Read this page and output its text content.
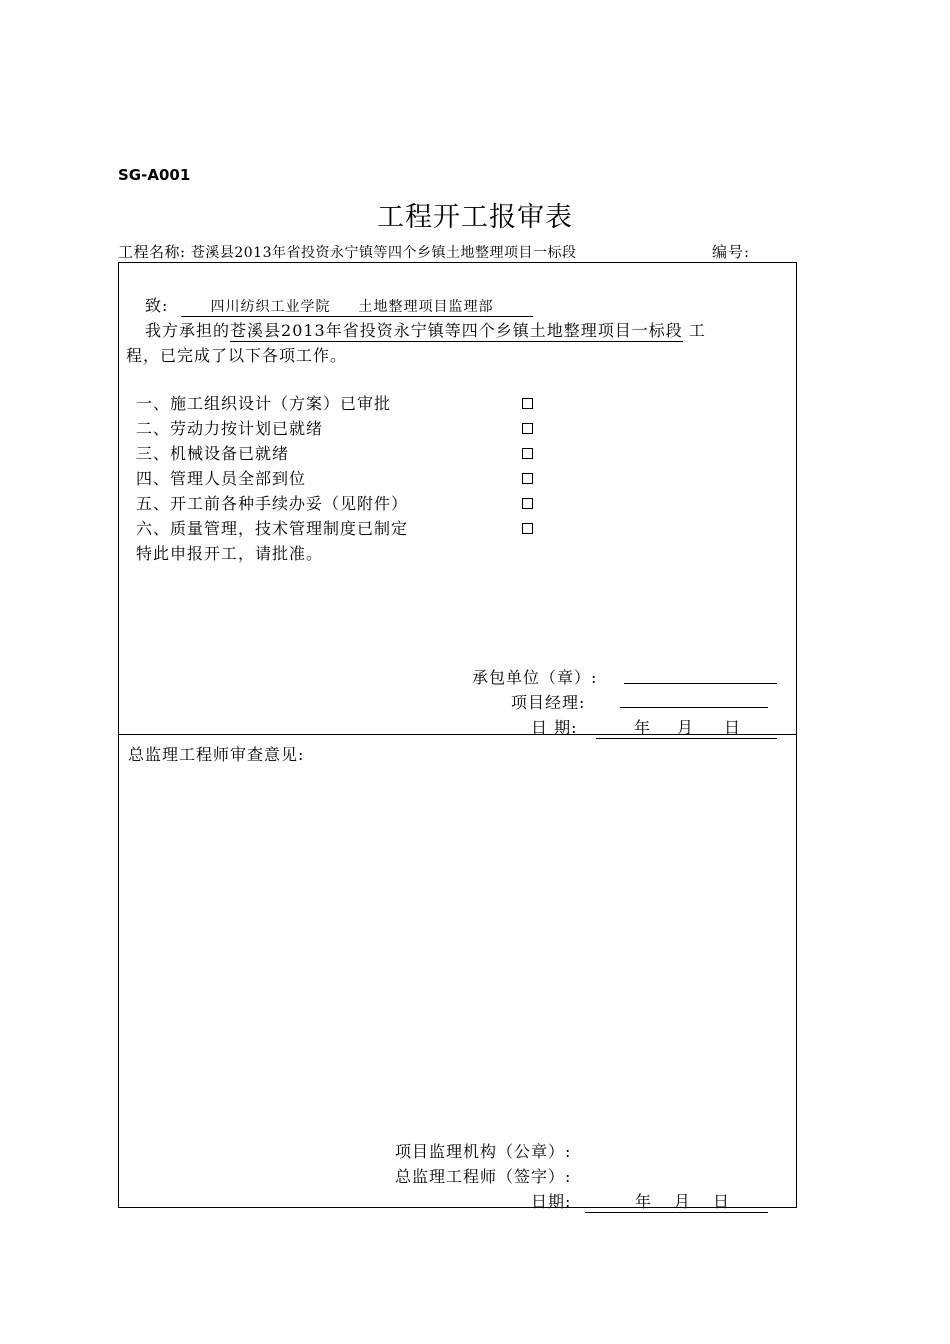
SG-A001
工程开工报审表
工程名称: 苍溪县2013年省投资永宁镇等四个乡镇土地整理项目一标段	编号:
致:	四川纺织工业学院 土地整理项目监理部
我方承担的苍溪县2013年省投资永宁镇等四个乡镇土地整理项目一标段 工
程，已完成了以下各项工作。
一、施工组织设计（方案）已审批
二、劳动力按计划已就绪
三、机械设备已就绪
四、管理人员全部到位
五、开工前各种手续办妥（见附件）
六、质量管理，技术管理制度已制定
特此申报开工，请批准。
承包单位（章）:
项目经理:
日 期:	年 月 日
总监理工程师审查意见:
项目监理机构（公章）:
总监理工程师（签字）:
日期:	年 月 日
